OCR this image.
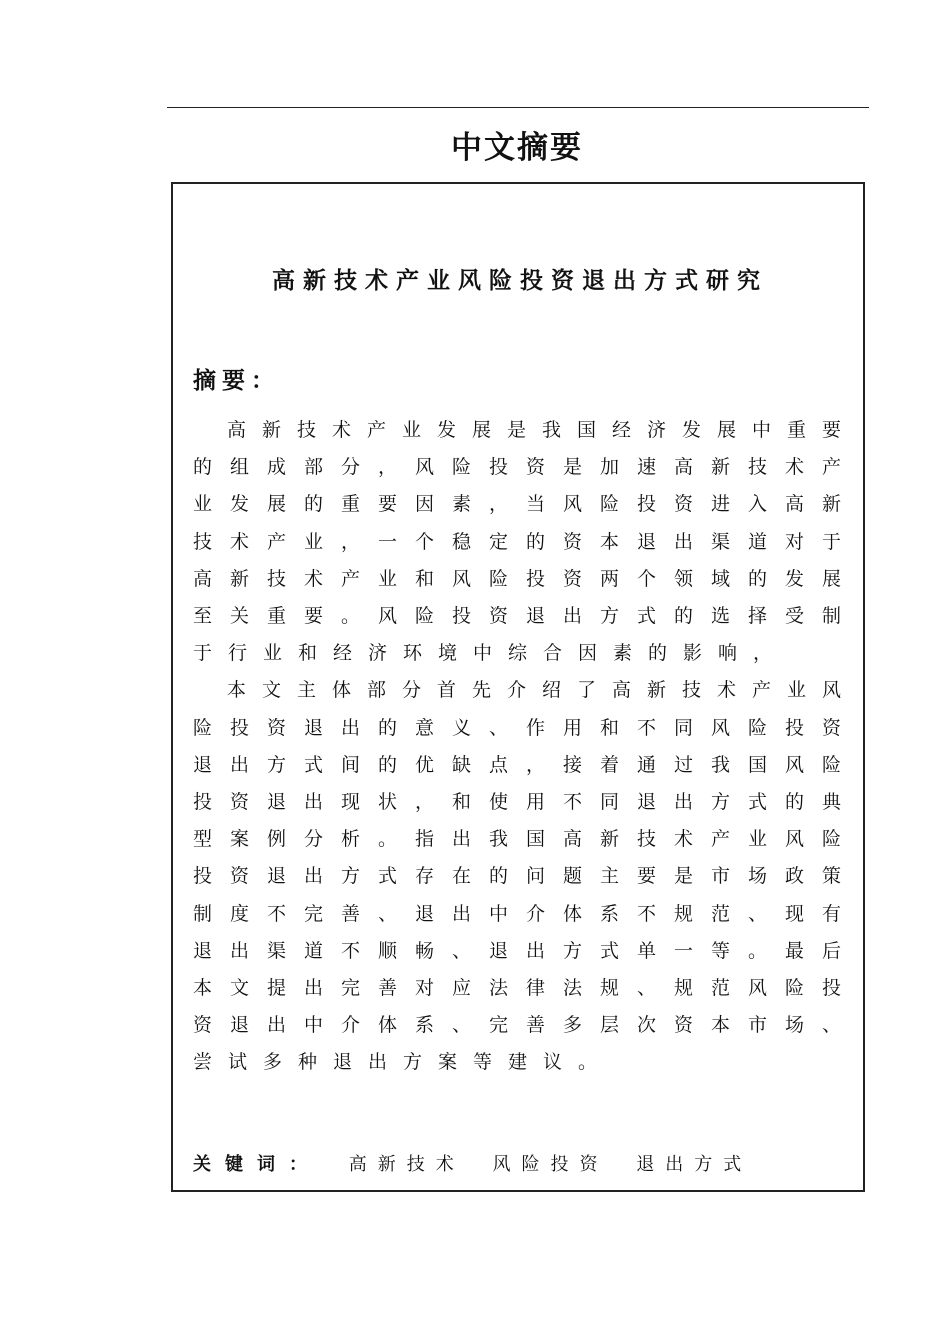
中文摘要
高新技术产业风险投资退出方式研究
摘要：

高新技术产业发展是我国经济发展中重要的组成部分，风险投资是加速高新技术产业发展的重要因素，当风险投资进入高新技术产业，一个稳定的资本退出渠道对于高新技术产业和风险投资两个领域的发展至关重要。风险投资退出方式的选择受制于行业和经济环境中综合因素的影响，

本文主体部分首先介绍了高新技术产业风险投资退出的意义、作用和不同风险投资退出方式间的优缺点，接着通过我国风险投资退出现状，和使用不同退出方式的典型案例分析。指出我国高新技术产业风险投资退出方式存在的问题主要是市场政策制度不完善、退出中介体系不规范、现有退出渠道不顺畅、退出方式单一等。最后本文提出完善对应法律法规、规范风险投资退出中介体系、完善多层次资本市场、尝试多种退出方案等建议。

关键词： 高新技术 风险投资 退出方式
